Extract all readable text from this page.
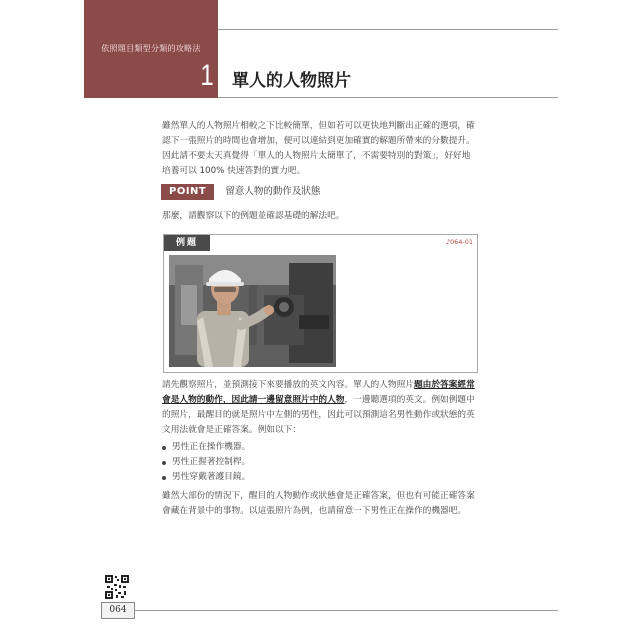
依照題目類型分類的攻略法
1 單人的人物照片
雖然單人的人物照片相較之下比較簡單，但如若可以更快地判斷出正確的選項，確
認下一張照片的時間也會增加，便可以連結到更加確實的解題所帶來的分數提升。
因此請不要太天真覺得「單人的人物照片太簡單了，不需要特別的對策」，好好地
培養可以 100% 快速答對的實力吧。
POINT 留意人物的動作及狀態
那麼，請觀察以下的例題並確認基礎的解法吧。
例題	♪064-01
請先觀察照片，並預測接下來要播放的英文內容。單人的人物照片題由於答案經常
會是人物的動作，因此請一邊留意照片中的人物，一邊聽選項的英文。例如例題中
的照片，最醒目的就是照片中左側的男性，因此可以預測這名男性動作或狀態的英
文用法就會是正確答案。例如以下：
男性正在操作機器。
男性正握著控制桿。
男性穿戴著護目鏡。
雖然大部份的情況下，醒目的人物動作或狀態會是正確答案，但也有可能正確答案
會藏在背景中的事物。以這張照片為例，也請留意一下男性正在操作的機器吧。
064
